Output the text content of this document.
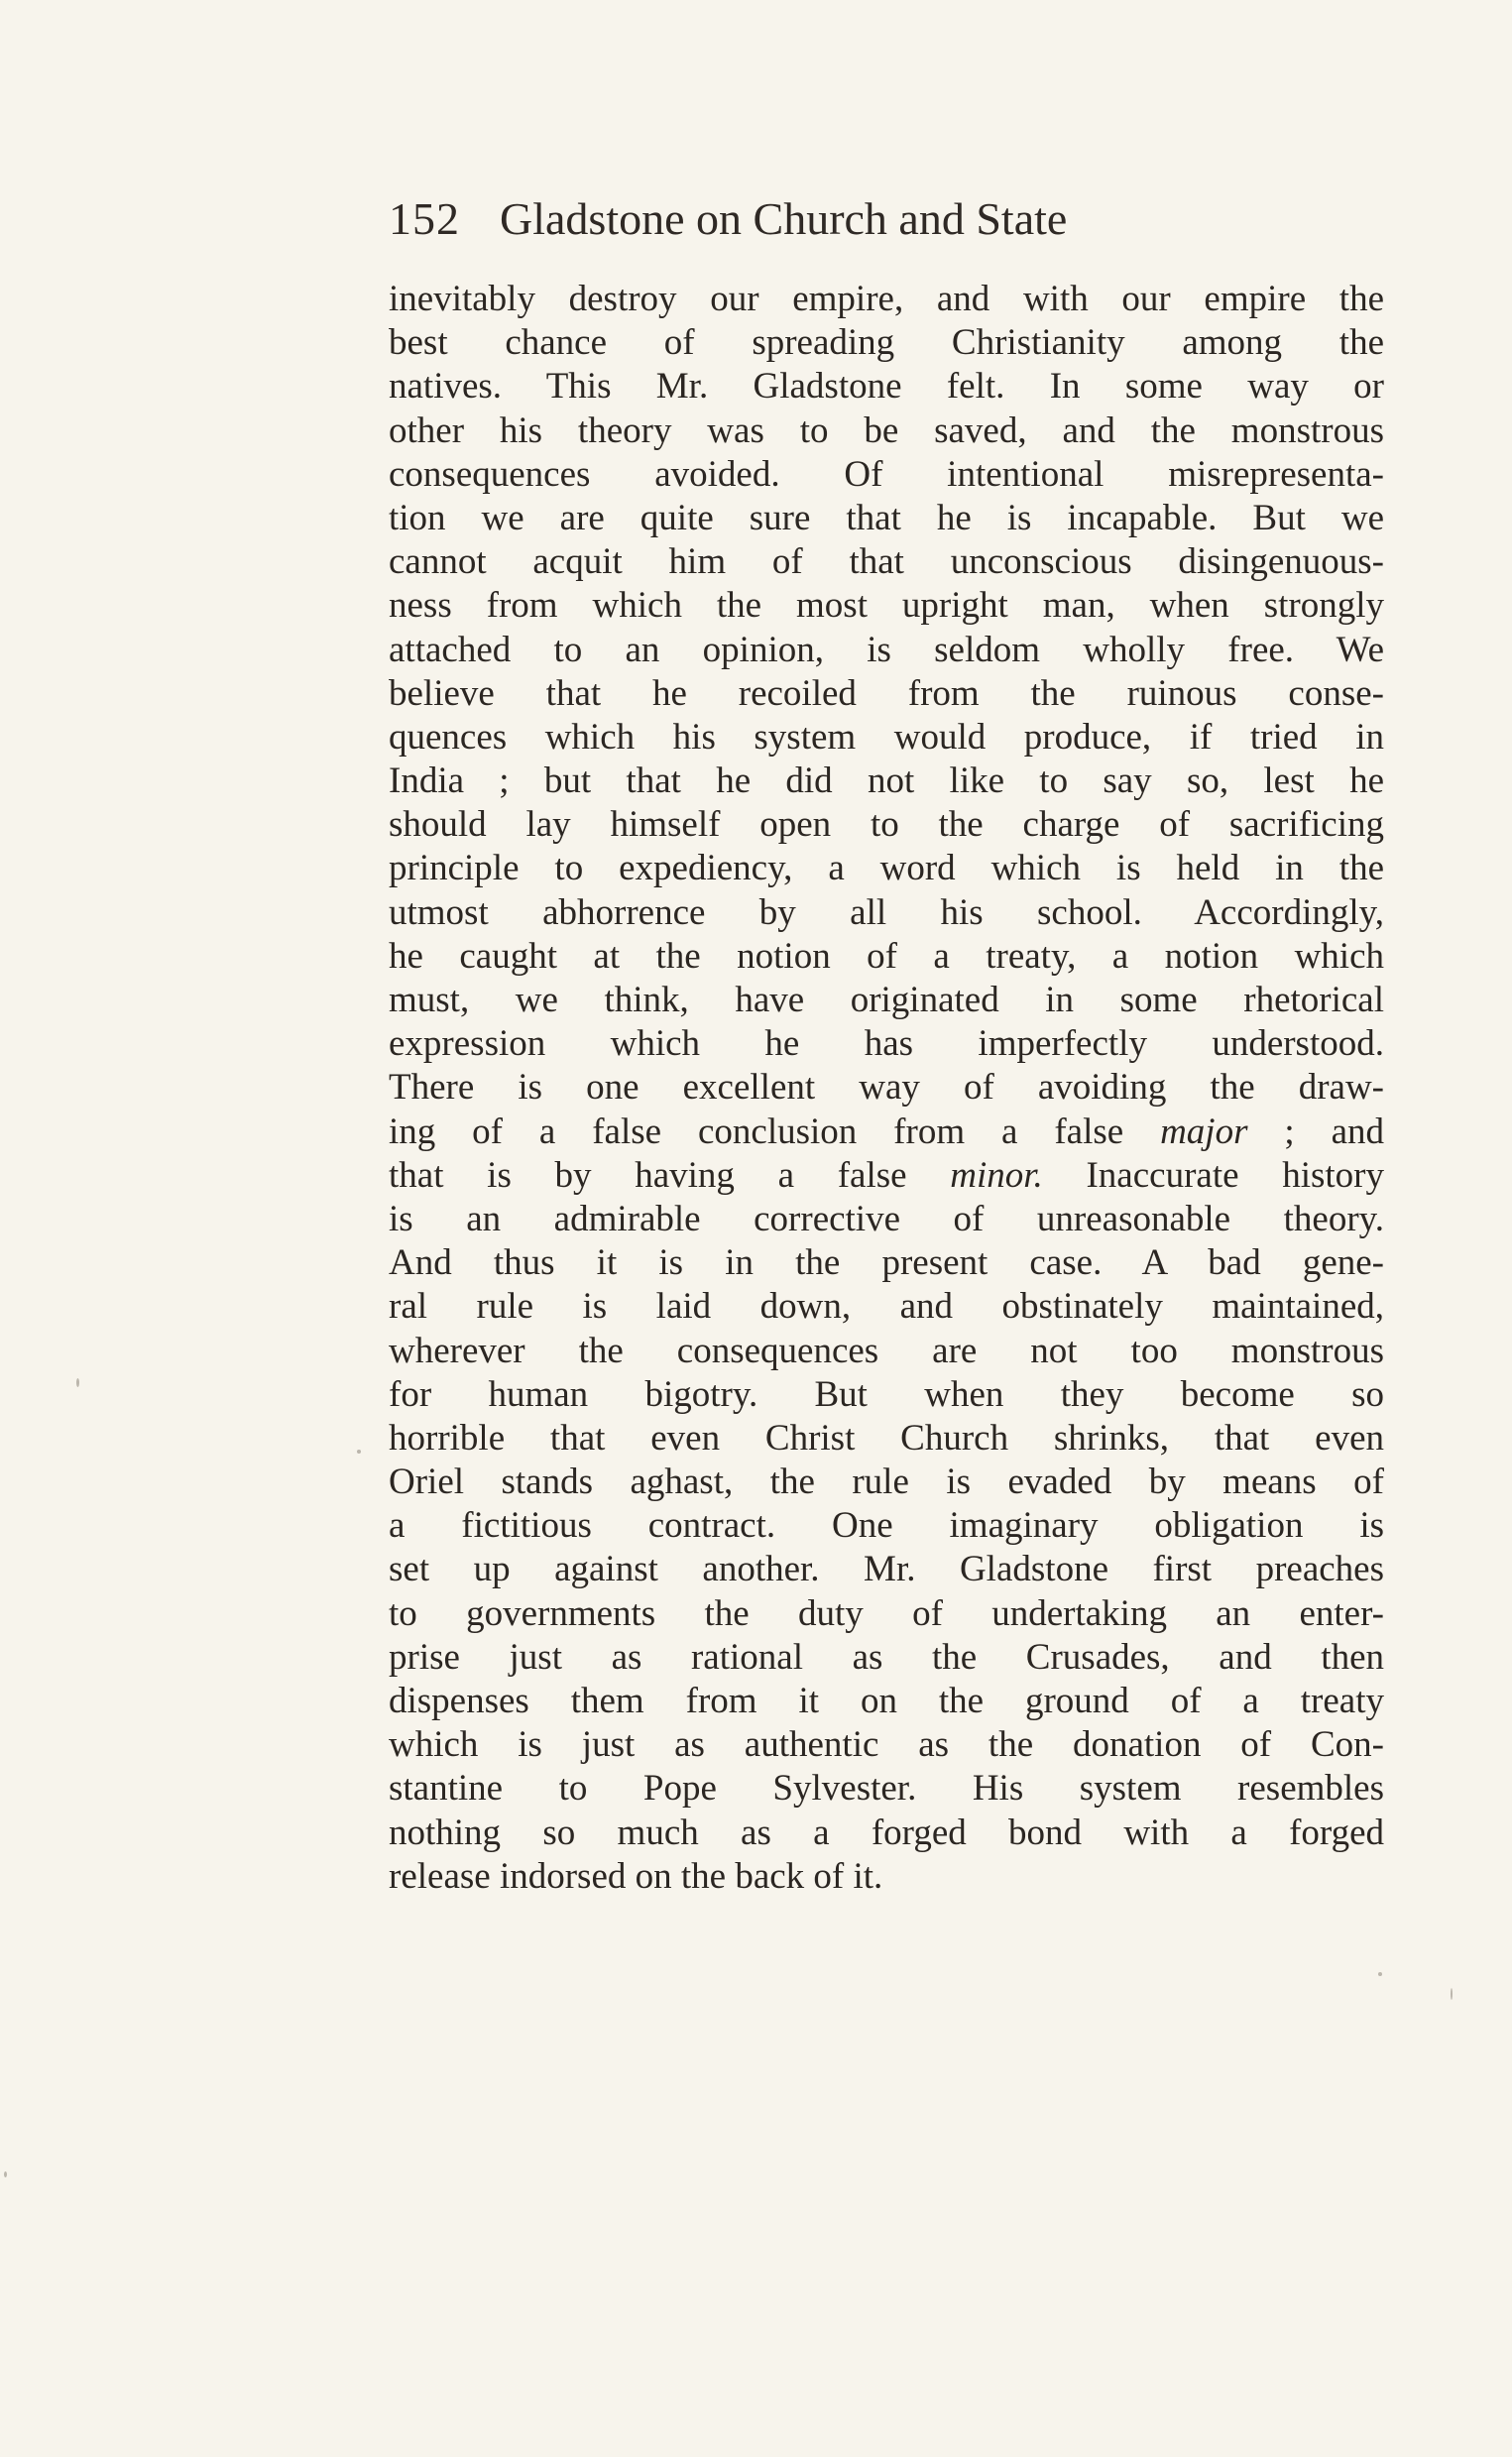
152 Gladstone on Church and State
inevitably destroy our empire, and with our empire the
best chance of spreading Christianity among the
natives. This Mr. Gladstone felt. In some way or
other his theory was to be saved, and the monstrous
consequences avoided. Of intentional misrepresenta-
tion we are quite sure that he is incapable. But we
cannot acquit him of that unconscious disingenuous-
ness from which the most upright man, when strongly
attached to an opinion, is seldom wholly free. We
believe that he recoiled from the ruinous conse-
quences which his system would produce, if tried in
India ; but that he did not like to say so, lest he
should lay himself open to the charge of sacrificing
principle to expediency, a word which is held in the
utmost abhorrence by all his school. Accordingly,
he caught at the notion of a treaty, a notion which
must, we think, have originated in some rhetorical
expression which he has imperfectly understood.
There is one excellent way of avoiding the draw-
ing of a false conclusion from a false major ; and
that is by having a false minor. Inaccurate history
is an admirable corrective of unreasonable theory.
And thus it is in the present case. A bad gene-
ral rule is laid down, and obstinately maintained,
wherever the consequences are not too monstrous
for human bigotry. But when they become so
horrible that even Christ Church shrinks, that even
Oriel stands aghast, the rule is evaded by means of
a fictitious contract. One imaginary obligation is
set up against another. Mr. Gladstone first preaches
to governments the duty of undertaking an enter-
prise just as rational as the Crusades, and then
dispenses them from it on the ground of a treaty
which is just as authentic as the donation of Con-
stantine to Pope Sylvester. His system resembles
nothing so much as a forged bond with a forged
release indorsed on the back of it.
